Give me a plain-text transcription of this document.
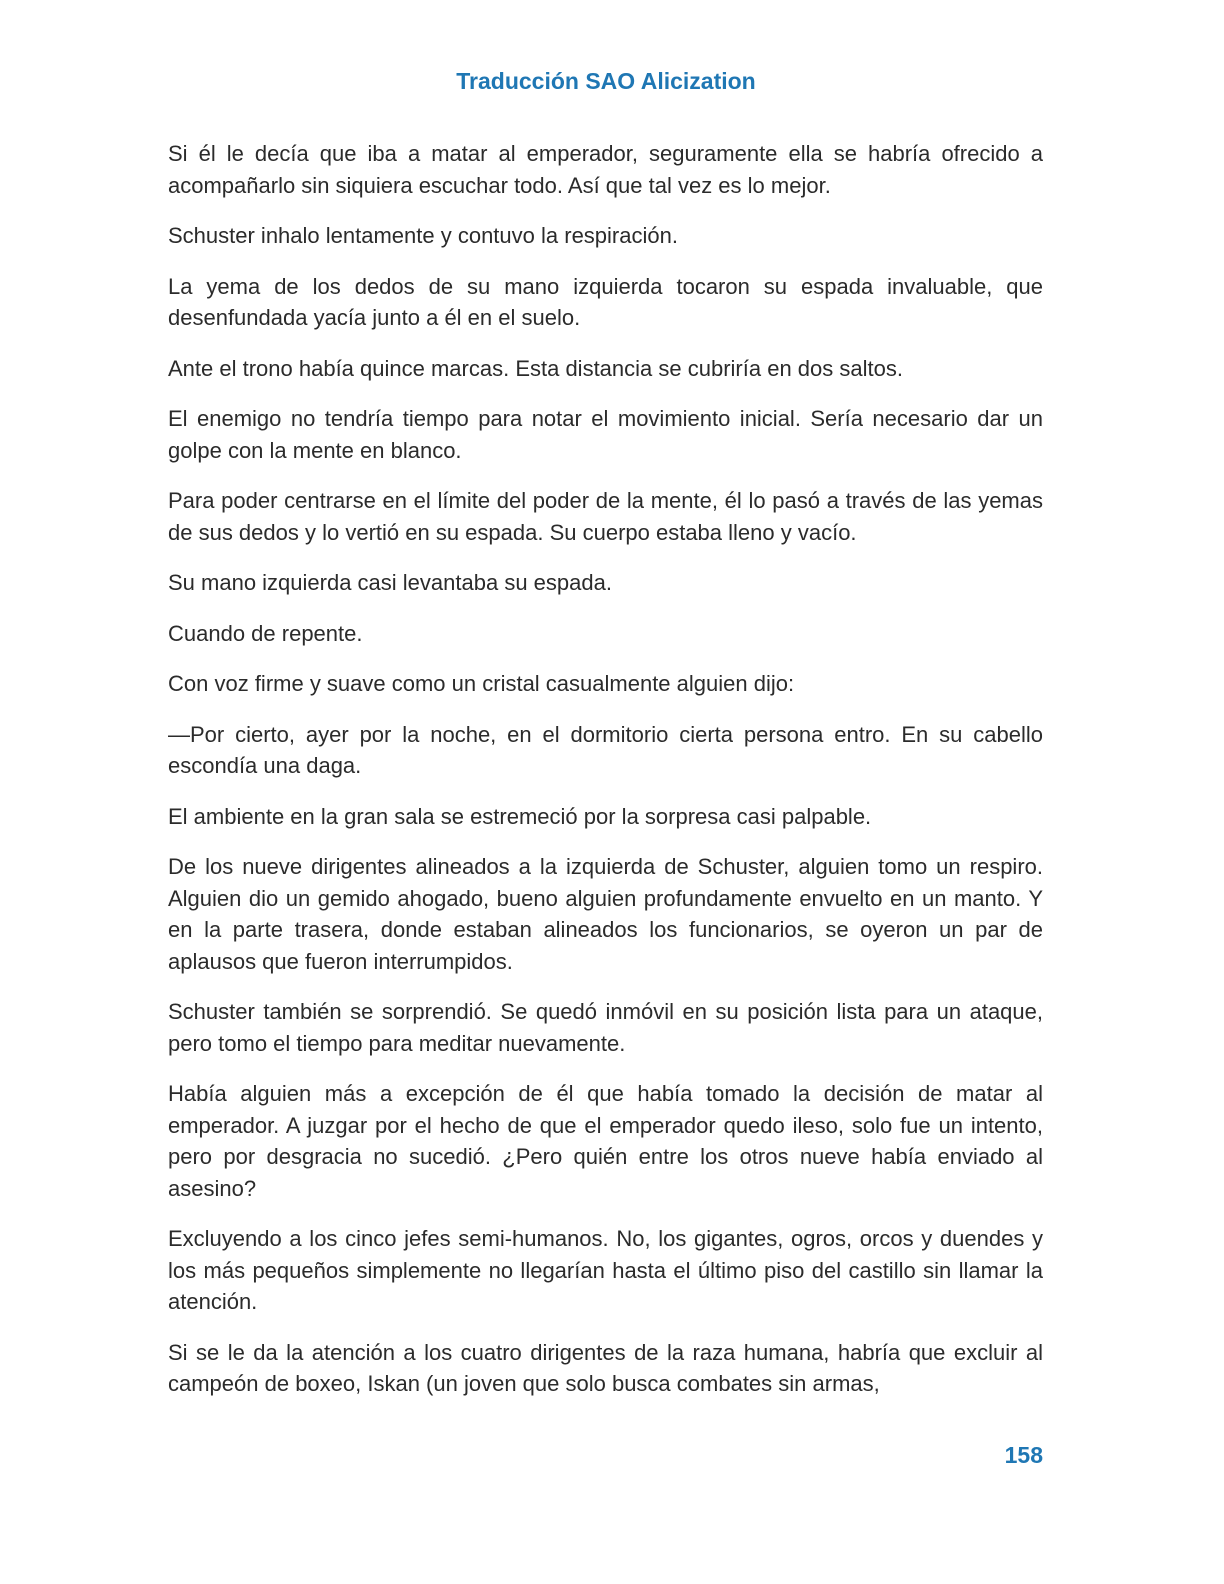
Traducción SAO Alicization

Si él le decía que iba a matar al emperador, seguramente ella se habría ofrecido a acompañarlo sin siquiera escuchar todo. Así que tal vez es lo mejor.

Schuster inhalo lentamente y contuvo la respiración.

La yema de los dedos de su mano izquierda tocaron su espada invaluable, que desenfundada yacía junto a él en el suelo.

Ante el trono había quince marcas. Esta distancia se cubriría en dos saltos.

El enemigo no tendría tiempo para notar el movimiento inicial. Sería necesario dar un golpe con la mente en blanco.

Para poder centrarse en el límite del poder de la mente, él lo pasó a través de las yemas de sus dedos y lo vertió en su espada. Su cuerpo estaba lleno y vacío.

Su mano izquierda casi levantaba su espada.

Cuando de repente.

Con voz firme y suave como un cristal casualmente alguien dijo:

—Por cierto, ayer por la noche, en el dormitorio cierta persona entro. En su cabello escondía una daga.

El ambiente en la gran sala se estremeció por la sorpresa casi palpable.

De los nueve dirigentes alineados a la izquierda de Schuster, alguien tomo un respiro. Alguien dio un gemido ahogado, bueno alguien profundamente envuelto en un manto. Y en la parte trasera, donde estaban alineados los funcionarios, se oyeron un par de aplausos que fueron interrumpidos.

Schuster también se sorprendió. Se quedó inmóvil en su posición lista para un ataque, pero tomo el tiempo para meditar nuevamente.

Había alguien más a excepción de él que había tomado la decisión de matar al emperador. A juzgar por el hecho de que el emperador quedo ileso, solo fue un intento, pero por desgracia no sucedió. ¿Pero quién entre los otros nueve había enviado al asesino?

Excluyendo a los cinco jefes semi-humanos. No, los gigantes, ogros, orcos y duendes y los más pequeños simplemente no llegarían hasta el último piso del castillo sin llamar la atención.

Si se le da la atención a los cuatro dirigentes de la raza humana, habría que excluir al campeón de boxeo, Iskan (un joven que solo busca combates sin armas,

158
